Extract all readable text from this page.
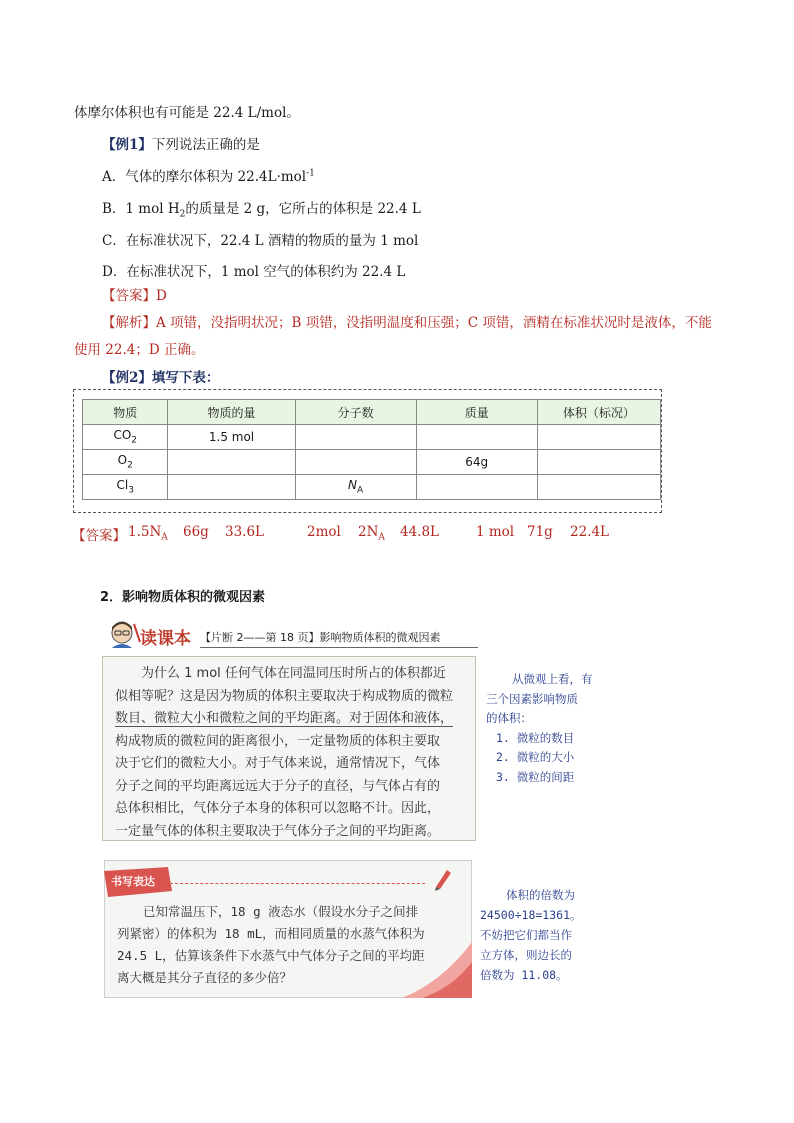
体摩尔体积也有可能是 22.4 L/mol。
【例1】下列说法正确的是
A．气体的摩尔体积为 22.4L·mol$^{-1}$
B．1 mol $H_2$的质量是 2 g，它所占的体积是 22.4 L
C．在标准状况下，22.4 L 酒精的物质的量为 1 mol
D．在标准状况下，1 mol 空气的体积约为 22.4 L
【答案】D
【解析】A 项错，没指明状况；B 项错，没指明温度和压强；C 项错，酒精在标准状况时是液体，不能
使用 22.4；D 正确。
【例2】填写下表：
物质	物质的量	分子数	质量	体积（标况）
$CO_2$	1.5 mol			
$O_2$			64g	
$Cl_3$		$N_A$		
【答案】 $1.5N_A$ 66g 33.6L	2mol $2N_A$ 44.8L	1 mol 71g 22.4L
2．影响物质体积的微观因素
读课本 【片断 2——第 18 页】影响物质体积的微观因素
为什么 1 mol 任何气体在同温同压时所占的体积都近
似相等呢？这是因为物质的体积主要取决于构成物质的微粒
数目、微粒大小和微粒之间的平均距离。对于固体和液体，
构成物质的微粒间的距离很小，一定量物质的体积主要取
决于它们的微粒大小。对于气体来说，通常情况下，气体
分子之间的平均距离远远大于分子的直径，与气体占有的
总体积相比，气体分子本身的体积可以忽略不计。因此，
一定量气体的体积主要取决于气体分子之间的平均距离。
从微观上看，有
三个因素影响物质
的体积：
1. 微粒的数目
2. 微粒的大小
3. 微粒的间距
书写表达
已知常温压下，18 g 液态水（假设水分子之间排
列紧密）的体积为 18 mL，而相同质量的水蒸气体积为
24.5 L，估算该条件下水蒸气中气体分子之间的平均距
离大概是其分子直径的多少倍？
体积的倍数为
24500÷18=1361。
不妨把它们都当作
立方体，则边长的
倍数为 11.08。
